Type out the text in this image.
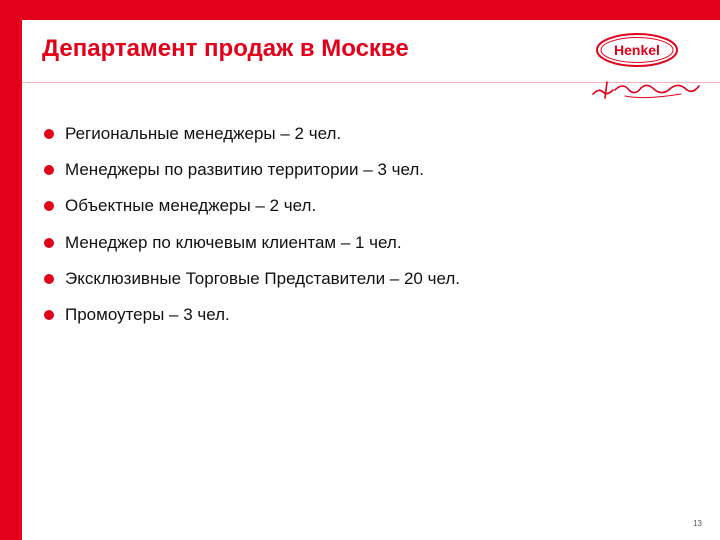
Департамент продаж в Москве	Henkel
Региональные менеджеры – 2 чел.
Менеджеры по развитию территории – 3 чел.
Объектные менеджеры – 2 чел.
Менеджер по ключевым клиентам – 1 чел.
Эксклюзивные Торговые Представители – 20 чел.
Промоутеры – 3 чел.
13
